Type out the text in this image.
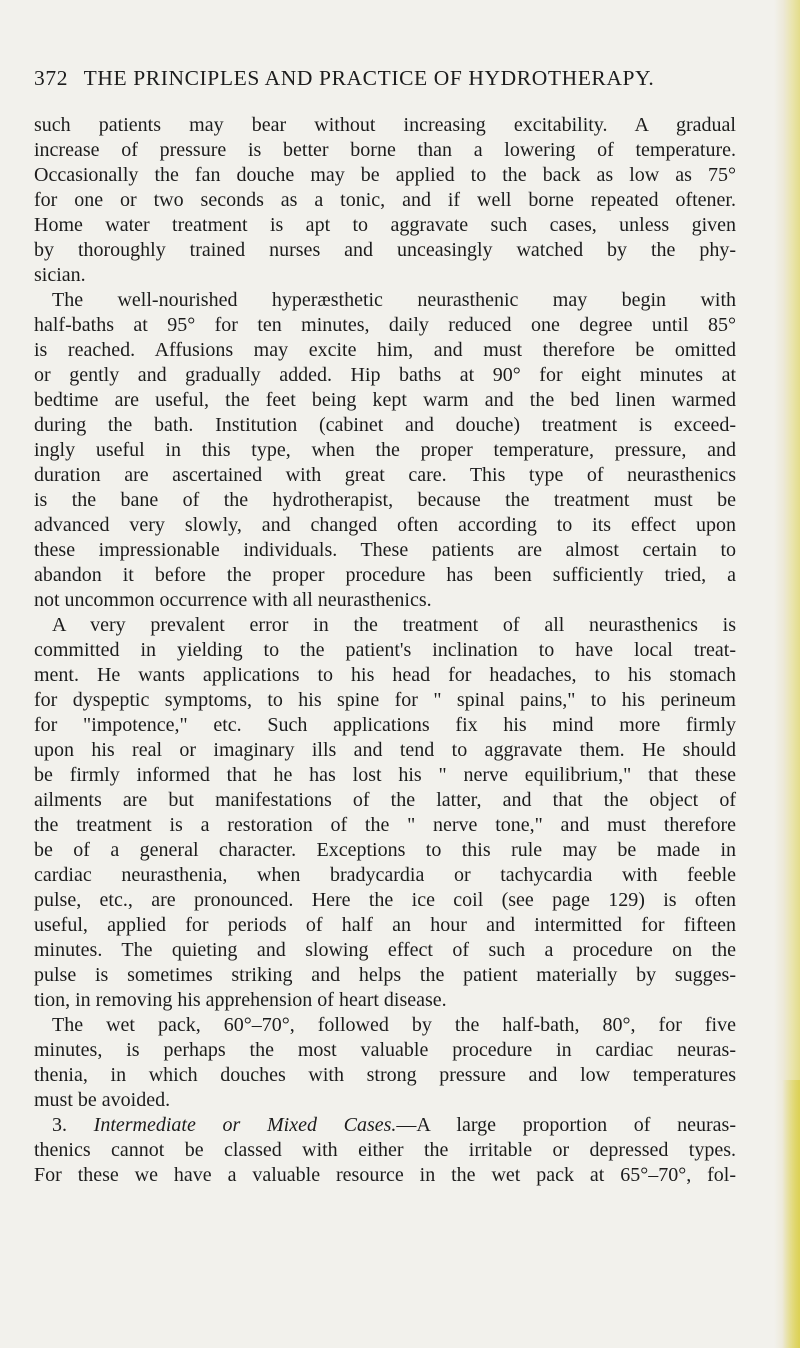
372 THE PRINCIPLES AND PRACTICE OF HYDROTHERAPY.
such patients may bear without increasing excitability. A gradual
increase of pressure is better borne than a lowering of temperature.
Occasionally the fan douche may be applied to the back as low as 75°
for one or two seconds as a tonic, and if well borne repeated oftener.
Home water treatment is apt to aggravate such cases, unless given
by thoroughly trained nurses and unceasingly watched by the phy-
sician.
The well-nourished hyperæsthetic neurasthenic may begin with
half-baths at 95° for ten minutes, daily reduced one degree until 85°
is reached. Affusions may excite him, and must therefore be omitted
or gently and gradually added. Hip baths at 90° for eight minutes at
bedtime are useful, the feet being kept warm and the bed linen warmed
during the bath. Institution (cabinet and douche) treatment is exceed-
ingly useful in this type, when the proper temperature, pressure, and
duration are ascertained with great care. This type of neurasthenics
is the bane of the hydrotherapist, because the treatment must be
advanced very slowly, and changed often according to its effect upon
these impressionable individuals. These patients are almost certain to
abandon it before the proper procedure has been sufficiently tried, a
not uncommon occurrence with all neurasthenics.
A very prevalent error in the treatment of all neurasthenics is
committed in yielding to the patient's inclination to have local treat-
ment. He wants applications to his head for headaches, to his stomach
for dyspeptic symptoms, to his spine for " spinal pains," to his perineum
for "impotence," etc. Such applications fix his mind more firmly
upon his real or imaginary ills and tend to aggravate them. He should
be firmly informed that he has lost his " nerve equilibrium," that these
ailments are but manifestations of the latter, and that the object of
the treatment is a restoration of the " nerve tone," and must therefore
be of a general character. Exceptions to this rule may be made in
cardiac neurasthenia, when bradycardia or tachycardia with feeble
pulse, etc., are pronounced. Here the ice coil (see page 129) is often
useful, applied for periods of half an hour and intermitted for fifteen
minutes. The quieting and slowing effect of such a procedure on the
pulse is sometimes striking and helps the patient materially by sugges-
tion, in removing his apprehension of heart disease.
The wet pack, 60°–70°, followed by the half-bath, 80°, for five
minutes, is perhaps the most valuable procedure in cardiac neuras-
thenia, in which douches with strong pressure and low temperatures
must be avoided.
3. Intermediate or Mixed Cases.—A large proportion of neuras-
thenics cannot be classed with either the irritable or depressed types.
For these we have a valuable resource in the wet pack at 65°–70°, fol-
